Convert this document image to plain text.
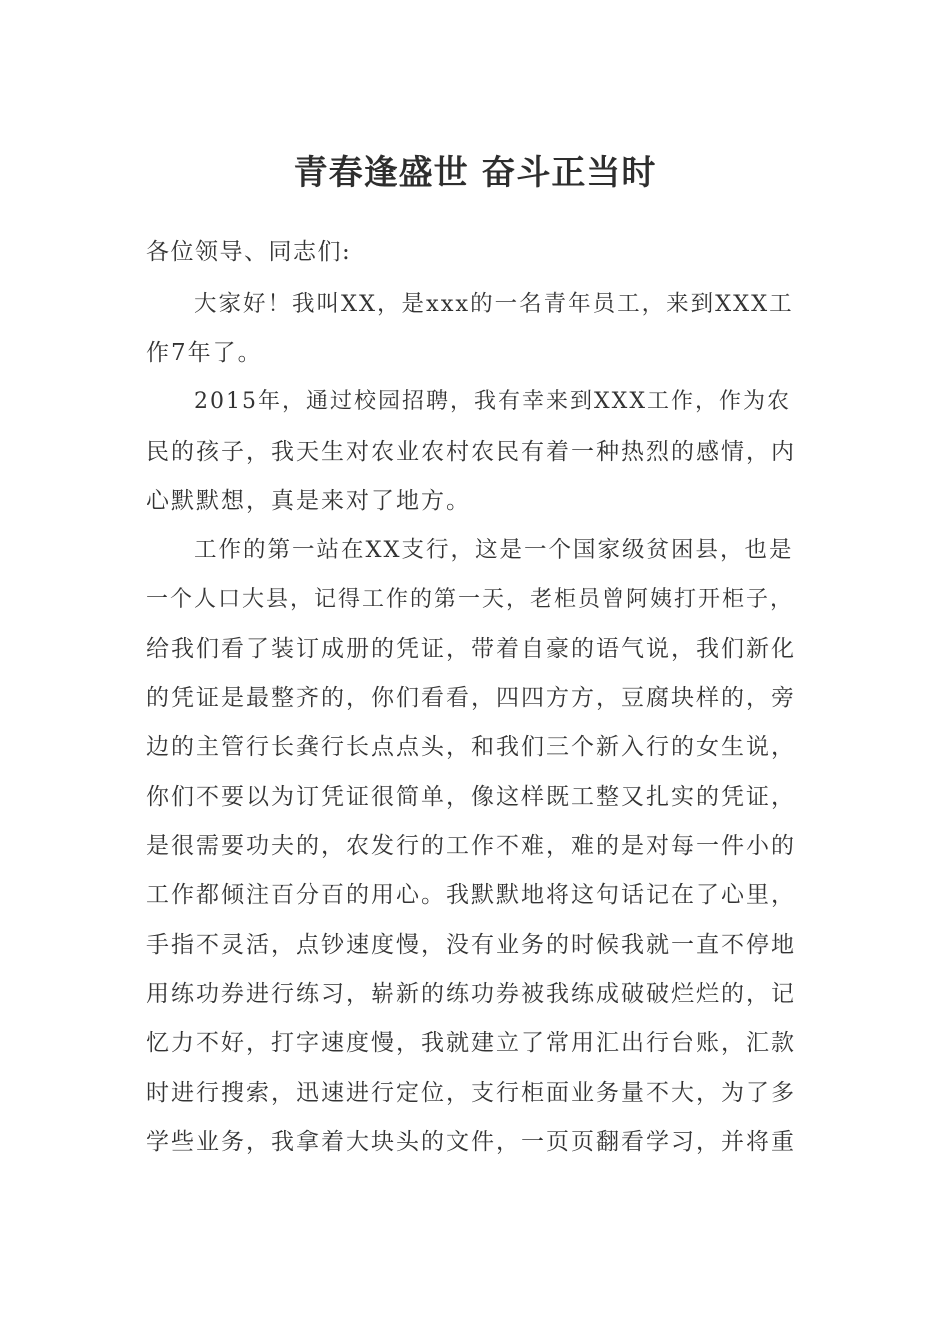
青春逢盛世 奋斗正当时
各位领导、同志们:
大家好！我叫XX，是xxx的一名青年员工，来到XXX工
作7年了。
2015年，通过校园招聘，我有幸来到XXX工作，作为农
民的孩子，我天生对农业农村农民有着一种热烈的感情，内
心默默想，真是来对了地方。
工作的第一站在XX支行，这是一个国家级贫困县，也是
一个人口大县，记得工作的第一天，老柜员曾阿姨打开柜子，
给我们看了装订成册的凭证，带着自豪的语气说，我们新化
的凭证是最整齐的，你们看看，四四方方，豆腐块样的，旁
边的主管行长龚行长点点头，和我们三个新入行的女生说，
你们不要以为订凭证很简单，像这样既工整又扎实的凭证，
是很需要功夫的，农发行的工作不难，难的是对每一件小的
工作都倾注百分百的用心。我默默地将这句话记在了心里，
手指不灵活，点钞速度慢，没有业务的时候我就一直不停地
用练功券进行练习，崭新的练功券被我练成破破烂烂的，记
忆力不好，打字速度慢，我就建立了常用汇出行台账，汇款
时进行搜索，迅速进行定位，支行柜面业务量不大，为了多
学些业务，我拿着大块头的文件，一页页翻看学习，并将重
